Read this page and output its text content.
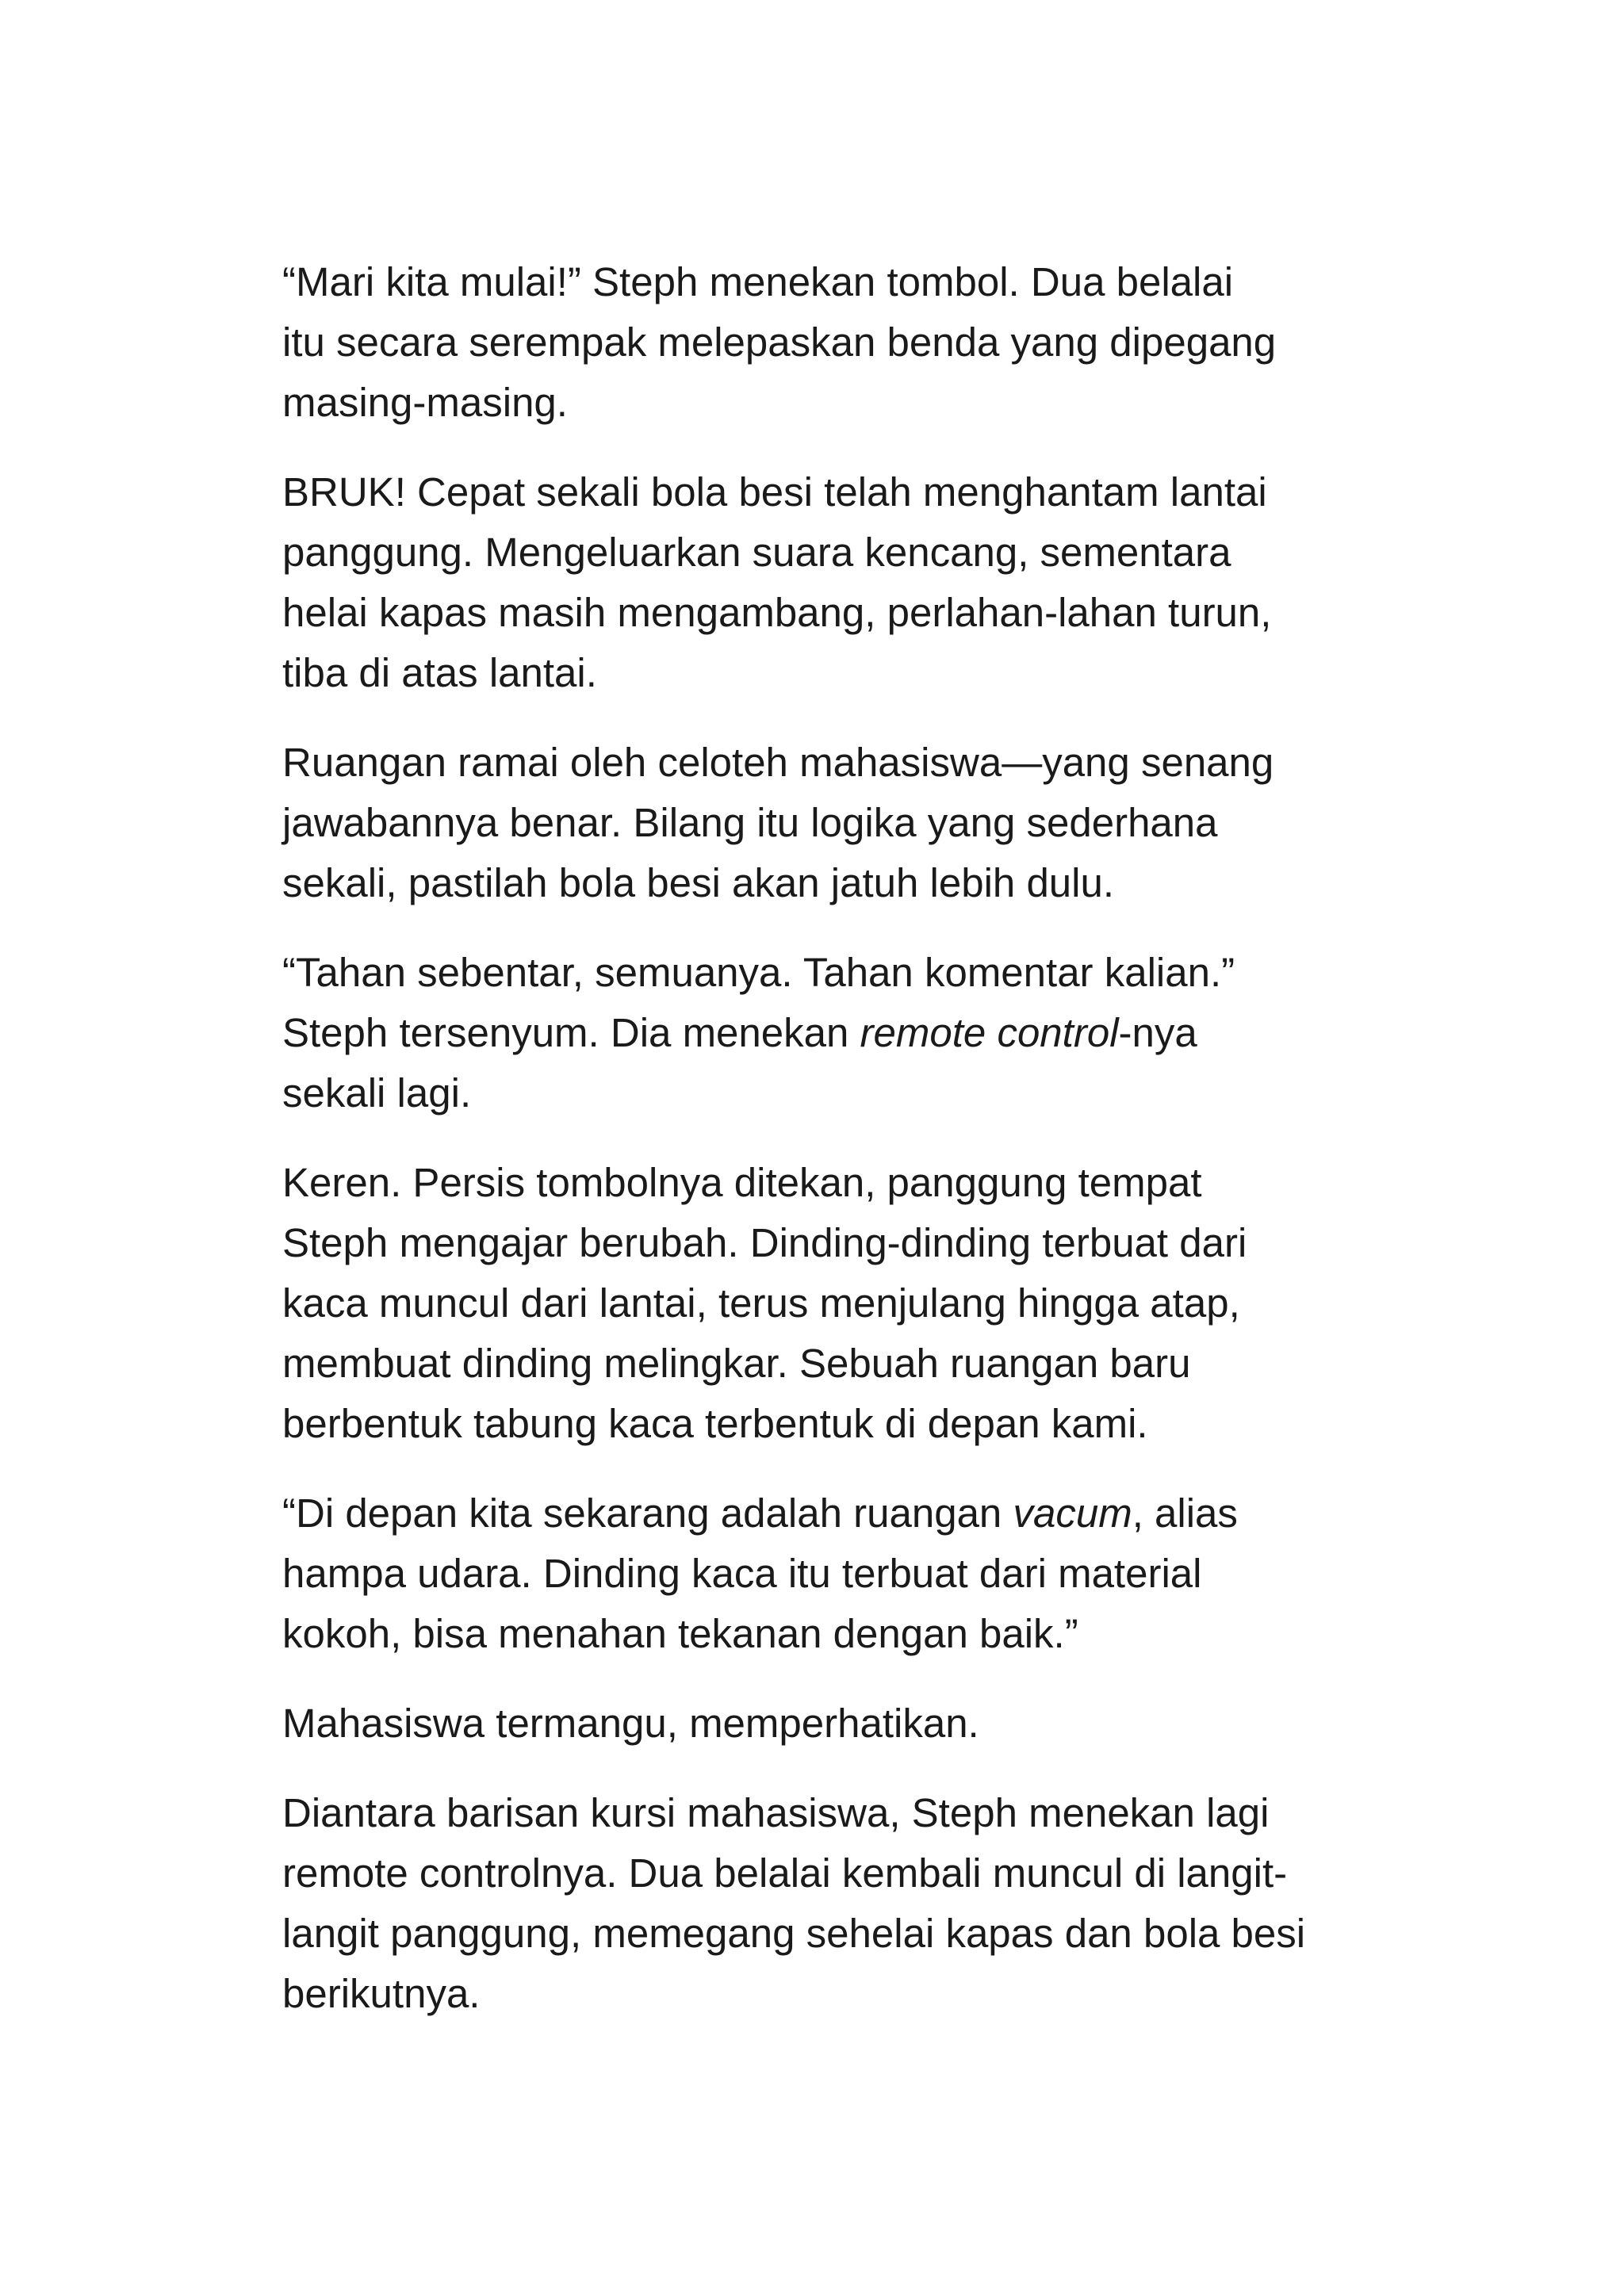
“Mari kita mulai!” Steph menekan tombol. Dua belalai
itu secara serempak melepaskan benda yang dipegang
masing-masing.

BRUK! Cepat sekali bola besi telah menghantam lantai
panggung. Mengeluarkan suara kencang, sementara
helai kapas masih mengambang, perlahan-lahan turun,
tiba di atas lantai.

Ruangan ramai oleh celoteh mahasiswa—yang senang
jawabannya benar. Bilang itu logika yang sederhana
sekali, pastilah bola besi akan jatuh lebih dulu.

“Tahan sebentar, semuanya. Tahan komentar kalian.”
Steph tersenyum. Dia menekan remote control-nya
sekali lagi.

Keren. Persis tombolnya ditekan, panggung tempat
Steph mengajar berubah. Dinding-dinding terbuat dari
kaca muncul dari lantai, terus menjulang hingga atap,
membuat dinding melingkar. Sebuah ruangan baru
berbentuk tabung kaca terbentuk di depan kami.

“Di depan kita sekarang adalah ruangan vacum, alias
hampa udara. Dinding kaca itu terbuat dari material
kokoh, bisa menahan tekanan dengan baik.”

Mahasiswa termangu, memperhatikan.

Diantara barisan kursi mahasiswa, Steph menekan lagi
remote controlnya. Dua belalai kembali muncul di langit-
langit panggung, memegang sehelai kapas dan bola besi
berikutnya.
